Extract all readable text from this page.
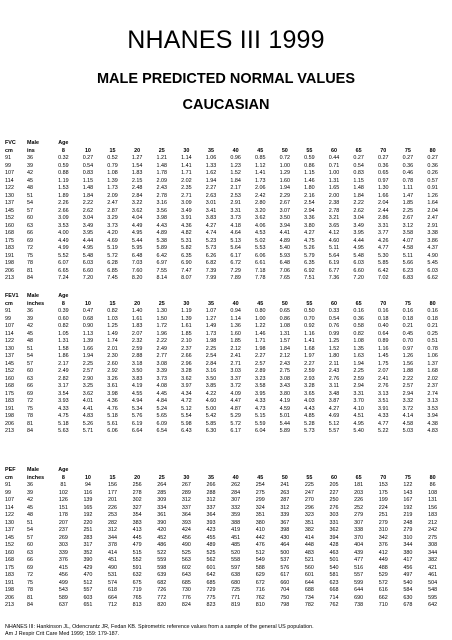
NHANES III 1999
MALE PREDICTED NORMAL VALUES
CAUCASIAN
FVC	Male	Age															
cm	ins	8	10	15	20	25	30	35	40	45	50	55	60	65	70	75	80
91	36	0.32	0.27	0.52	1.27	1.21	1.14	1.06	0.96	0.85	0.72	0.59	0.44	0.27	0.27	0.27	0.27
99	39	0.59	0.54	0.79	1.54	1.48	1.41	1.33	1.23	1.12	1.00	0.86	0.71	0.54	0.36	0.36	0.36
107	42	0.88	0.83	1.08	1.83	1.78	1.71	1.62	1.52	1.41	1.29	1.15	1.00	0.83	0.65	0.46	0.26
114	45	1.19	1.15	1.39	2.15	2.09	2.02	1.94	1.84	1.73	1.60	1.46	1.31	1.15	0.97	0.78	0.57
122	48	1.53	1.48	1.73	2.48	2.43	2.35	2.27	2.17	2.06	1.94	1.80	1.65	1.48	1.30	1.11	0.91
130	51	1.89	1.84	2.09	2.84	2.78	2.71	2.63	2.53	2.42	2.29	2.16	2.00	1.84	1.66	1.47	1.26
137	54	2.26	2.22	2.47	3.22	3.16	3.09	3.01	2.91	2.80	2.67	2.54	2.38	2.22	2.04	1.85	1.64
145	57	2.66	2.62	2.87	3.62	3.56	3.49	3.41	3.31	3.20	3.07	2.94	2.78	2.62	2.44	2.25	2.04
152	60	3.09	3.04	3.29	4.04	3.98	3.91	3.83	3.73	3.62	3.50	3.36	3.21	3.04	2.86	2.67	2.47
160	63	3.53	3.49	3.73	4.49	4.43	4.36	4.27	4.18	4.06	3.94	3.80	3.65	3.49	3.31	3.12	2.91
168	66	4.00	3.95	4.20	4.95	4.89	4.82	4.74	4.64	4.53	4.41	4.27	4.12	3.95	3.77	3.58	3.38
175	69	4.49	4.44	4.69	5.44	5.38	5.31	5.23	5.13	5.02	4.89	4.75	4.60	4.44	4.26	4.07	3.86
183	72	4.99	4.95	5.19	5.95	5.89	5.82	5.73	5.64	5.53	5.40	5.26	5.11	4.95	4.77	4.58	4.37
191	75	5.52	5.48	5.72	6.48	6.42	6.35	6.26	6.17	6.06	5.93	5.79	5.64	5.48	5.30	5.11	4.90
198	78	6.07	6.03	6.28	7.03	6.97	6.90	6.82	6.72	6.61	6.48	6.35	6.19	6.03	5.85	5.66	5.45
206	81	6.65	6.60	6.85	7.60	7.55	7.47	7.39	7.29	7.18	7.06	6.92	6.77	6.60	6.42	6.23	6.03
213	84	7.24	7.20	7.45	8.20	8.14	8.07	7.99	7.89	7.78	7.65	7.51	7.36	7.20	7.02	6.83	6.62
FEV1	Male	Age															
cm	inches	8	10	15	20	25	30	35	40	45	50	55	60	65	70	75	80
91	36	0.39	0.47	0.82	1.40	1.30	1.19	1.07	0.94	0.80	0.65	0.50	0.33	0.16	0.16	0.16	0.16
99	39	0.60	0.68	1.03	1.61	1.50	1.39	1.27	1.14	1.00	0.86	0.70	0.54	0.36	0.18	0.18	0.18
107	42	0.82	0.90	1.25	1.83	1.72	1.61	1.49	1.36	1.22	1.08	0.92	0.76	0.58	0.40	0.21	0.21
114	45	1.05	1.13	1.49	2.07	1.96	1.85	1.73	1.60	1.46	1.31	1.16	0.99	0.82	0.64	0.45	0.25
122	48	1.31	1.39	1.74	2.32	2.22	2.10	1.98	1.85	1.71	1.57	1.41	1.25	1.08	0.89	0.70	0.51
130	51	1.58	1.66	2.01	2.59	2.49	2.37	2.25	2.12	1.98	1.84	1.68	1.52	1.35	1.16	0.97	0.78
137	54	1.86	1.94	2.30	2.88	2.77	2.66	2.54	2.41	2.27	2.12	1.97	1.80	1.63	1.45	1.26	1.06
145	57	2.17	2.25	2.60	3.18	3.08	2.96	2.84	2.71	2.57	2.43	2.27	2.11	1.94	1.75	1.56	1.37
152	60	2.49	2.57	2.92	3.50	3.39	3.28	3.16	3.03	2.89	2.75	2.59	2.43	2.25	2.07	1.88	1.68
160	63	2.82	2.90	3.26	3.83	3.73	3.62	3.50	3.37	3.23	3.08	2.93	2.76	2.59	2.41	2.22	2.02
168	66	3.17	3.25	3.61	4.19	4.08	3.97	3.85	3.72	3.58	3.43	3.28	3.11	2.94	2.76	2.57	2.37
175	69	3.54	3.62	3.98	4.55	4.45	4.34	4.22	4.09	3.95	3.80	3.65	3.48	3.31	3.13	2.94	2.74
183	72	3.93	4.01	4.36	4.94	4.84	4.72	4.60	4.47	4.33	4.19	4.03	3.87	3.70	3.51	3.32	3.13
191	75	4.33	4.41	4.76	5.34	5.24	5.12	5.00	4.87	4.73	4.59	4.43	4.27	4.10	3.91	3.72	3.53
198	78	4.75	4.83	5.18	5.76	5.65	5.54	5.42	5.29	5.15	5.01	4.85	4.69	4.51	4.33	4.14	3.94
206	81	5.18	5.26	5.61	6.19	6.09	5.98	5.85	5.72	5.59	5.44	5.28	5.12	4.95	4.77	4.58	4.38
213	84	5.63	5.71	6.06	6.64	6.54	6.43	6.30	6.17	6.04	5.89	5.73	5.57	5.40	5.22	5.03	4.83
PEF	Male	Age															
cm	inches	8	10	15	20	25	30	35	40	45	50	55	60	65	70	75	80
91	36	81	94	156	256	264	267	266	262	254	241	225	205	181	153	122	86
99	39	102	116	177	278	285	289	288	284	275	263	247	227	203	175	143	108
107	42	126	139	201	302	309	312	312	307	299	287	270	250	226	199	167	131
114	45	151	165	226	327	334	337	337	332	324	312	296	276	252	224	192	156
122	48	178	192	253	354	361	364	364	359	351	339	323	303	279	251	219	183
130	51	207	220	282	383	390	393	393	388	380	367	351	331	307	279	248	212
137	54	237	251	312	413	420	424	423	419	410	398	382	362	338	310	279	242
145	57	269	283	344	445	452	456	455	451	442	430	414	394	370	342	310	275
152	60	303	317	378	479	486	490	489	485	476	464	448	428	404	376	344	308
160	63	339	352	414	515	522	525	525	520	512	500	483	463	439	412	380	344
168	66	376	390	451	552	559	563	562	558	549	537	521	501	477	449	417	382
175	69	415	429	490	591	598	602	601	597	588	576	560	540	516	488	456	421
183	72	456	470	531	632	639	643	642	638	629	617	601	581	557	529	497	461
191	75	499	512	574	675	682	685	685	680	672	660	644	623	599	572	540	504
198	78	543	557	618	719	726	730	729	725	716	704	688	668	644	616	584	548
206	81	589	603	664	765	772	776	775	771	762	750	734	714	690	662	630	595
213	84	637	651	712	813	820	824	823	819	810	798	782	762	738	710	678	642
NHANES III: Hankinson JL, Odencrantz JR, Fedan KB. Spirometric reference values from a sample of the general US population.
Am J Respir Crit Care Med 1999; 159: 179-187.
